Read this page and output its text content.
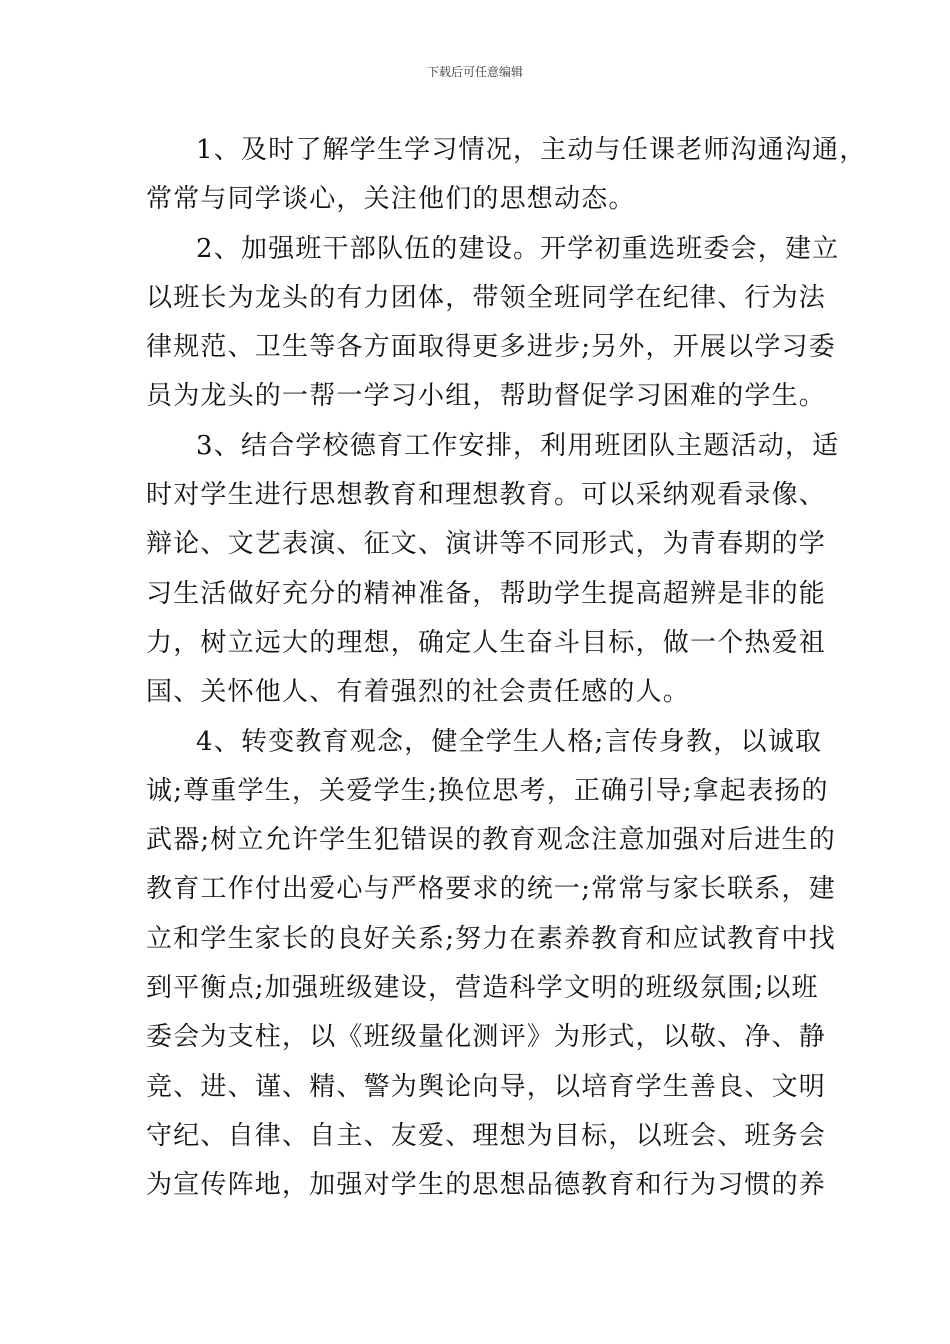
下载后可任意编辑
1、及时了解学生学习情况，主动与任课老师沟通沟通，
常常与同学谈心，关注他们的思想动态。
2、加强班干部队伍的建设。开学初重选班委会，建立
以班长为龙头的有力团体，带领全班同学在纪律、行为法
律规范、卫生等各方面取得更多进步;另外，开展以学习委
员为龙头的一帮一学习小组，帮助督促学习困难的学生。
3、结合学校德育工作安排，利用班团队主题活动，适
时对学生进行思想教育和理想教育。可以采纳观看录像、
辩论、文艺表演、征文、演讲等不同形式，为青春期的学
习生活做好充分的精神准备，帮助学生提高超辨是非的能
力，树立远大的理想，确定人生奋斗目标，做一个热爱祖
国、关怀他人、有着强烈的社会责任感的人。
4、转变教育观念，健全学生人格;言传身教，以诚取
诚;尊重学生，关爱学生;换位思考，正确引导;拿起表扬的
武器;树立允许学生犯错误的教育观念注意加强对后进生的
教育工作付出爱心与严格要求的统一;常常与家长联系，建
立和学生家长的良好关系;努力在素养教育和应试教育中找
到平衡点;加强班级建设，营造科学文明的班级氛围;以班
委会为支柱，以《班级量化测评》为形式，以敬、净、静
竞、进、谨、精、警为舆论向导，以培育学生善良、文明
守纪、自律、自主、友爱、理想为目标，以班会、班务会
为宣传阵地，加强对学生的思想品德教育和行为习惯的养
